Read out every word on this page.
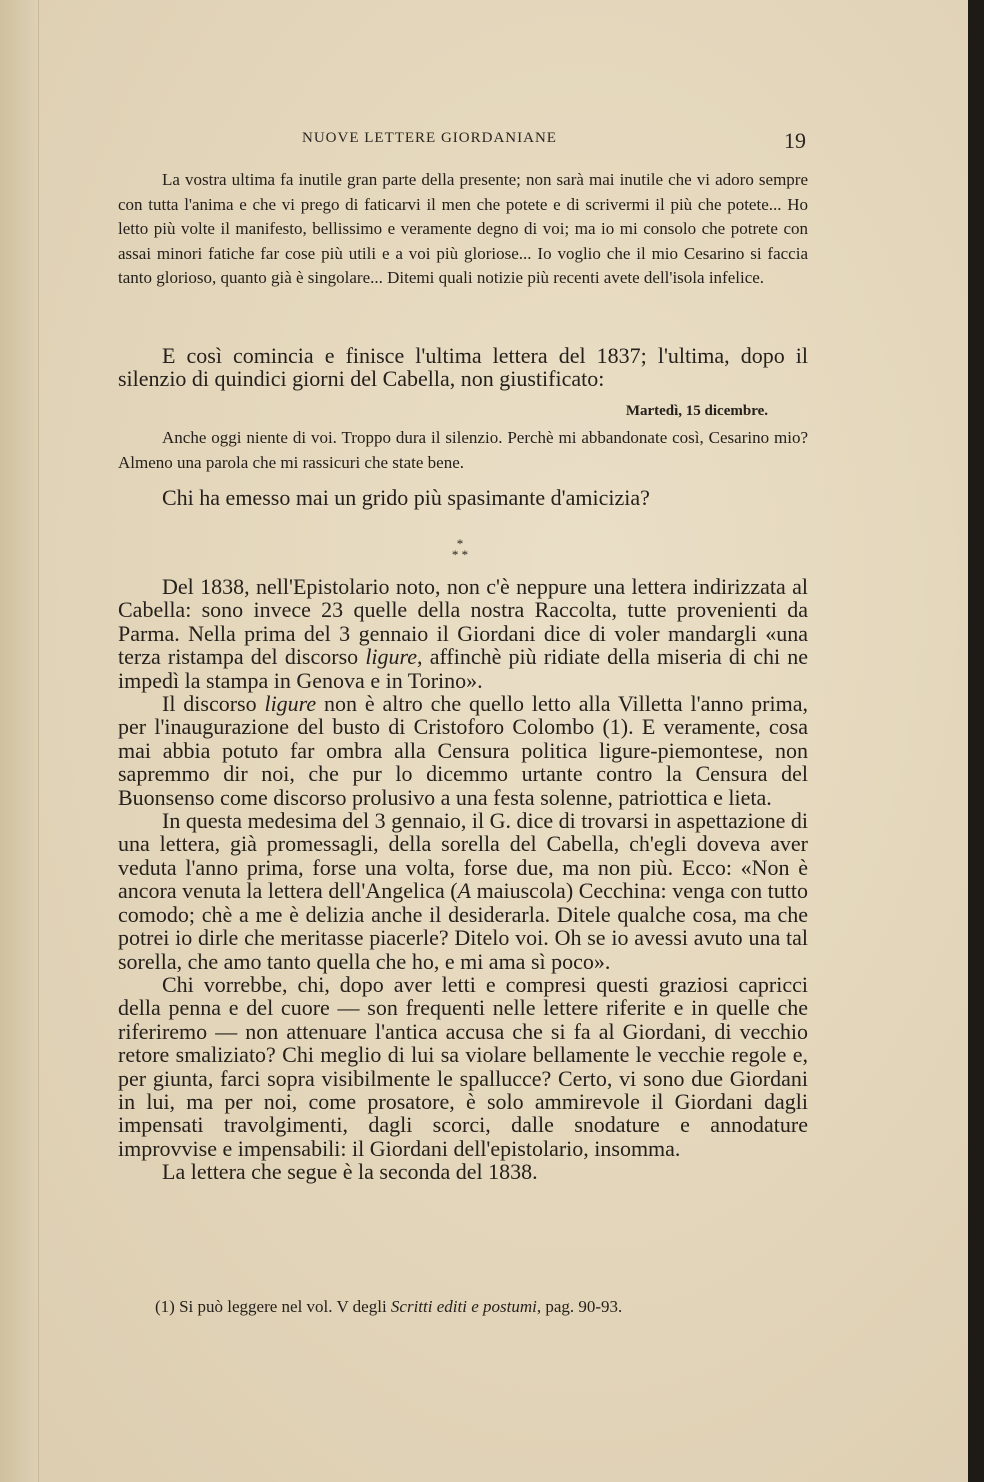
NUOVE LETTERE GIORDANIANE	19

La vostra ultima fa inutile gran parte della presente; non sarà mai inutile che vi adoro sempre con tutta l'anima e che vi prego di faticarvi il men che potete e di scrivermi il più che potete... Ho letto più volte il manifesto, bellissimo e veramente degno di voi; ma io mi consolo che potrete con assai minori fatiche far cose più utili e a voi più gloriose... Io voglio che il mio Cesarino si faccia tanto glorioso, quanto già è singolare... Ditemi quali notizie più recenti avete dell'isola infelice.

E così comincia e finisce l'ultima lettera del 1837; l'ultima, dopo il silenzio di quindici giorni del Cabella, non giustificato:

Martedì, 15 dicembre.

Anche oggi niente di voi. Troppo dura il silenzio. Perchè mi abbandonate così, Cesarino mio? Almeno una parola che mi rassicuri che state bene.

Chi ha emesso mai un grido più spasimante d'amicizia?

*
* *

Del 1838, nell'Epistolario noto, non c'è neppure una lettera indirizzata al Cabella: sono invece 23 quelle della nostra Raccolta, tutte provenienti da Parma. Nella prima del 3 gennaio il Giordani dice di voler mandargli «una terza ristampa del discorso ligure, affinchè più ridiate della miseria di chi ne impedì la stampa in Genova e in Torino».

Il discorso ligure non è altro che quello letto alla Villetta l'anno prima, per l'inaugurazione del busto di Cristoforo Colombo (1). E veramente, cosa mai abbia potuto far ombra alla Censura politica ligure-piemontese, non sapremmo dir noi, che pur lo dicemmo urtante contro la Censura del Buonsenso come discorso prolusivo a una festa solenne, patriottica e lieta.

In questa medesima del 3 gennaio, il G. dice di trovarsi in aspettazione di una lettera, già promessagli, della sorella del Cabella, ch'egli doveva aver veduta l'anno prima, forse una volta, forse due, ma non più. Ecco: «Non è ancora venuta la lettera dell'Angelica (A maiuscola) Cecchina: venga con tutto comodo; chè a me è delizia anche il desiderarla. Ditele qualche cosa, ma che potrei io dirle che meritasse piacerle? Ditelo voi. Oh se io avessi avuto una tal sorella, che amo tanto quella che ho, e mi ama sì poco».

Chi vorrebbe, chi, dopo aver letti e compresi questi graziosi capricci della penna e del cuore — son frequenti nelle lettere riferite e in quelle che riferiremo — non attenuare l'antica accusa che si fa al Giordani, di vecchio retore smaliziato? Chi meglio di lui sa violare bellamente le vecchie regole e, per giunta, farci sopra visibilmente le spallucce? Certo, vi sono due Giordani in lui, ma per noi, come prosatore, è solo ammirevole il Giordani dagli impensati travolgimenti, dagli scorci, dalle snodature e annodature improvvise e impensabili: il Giordani dell'epistolario, insomma.

La lettera che segue è la seconda del 1838.

(1) Si può leggere nel vol. V degli Scritti editi e postumi, pag. 90-93.
